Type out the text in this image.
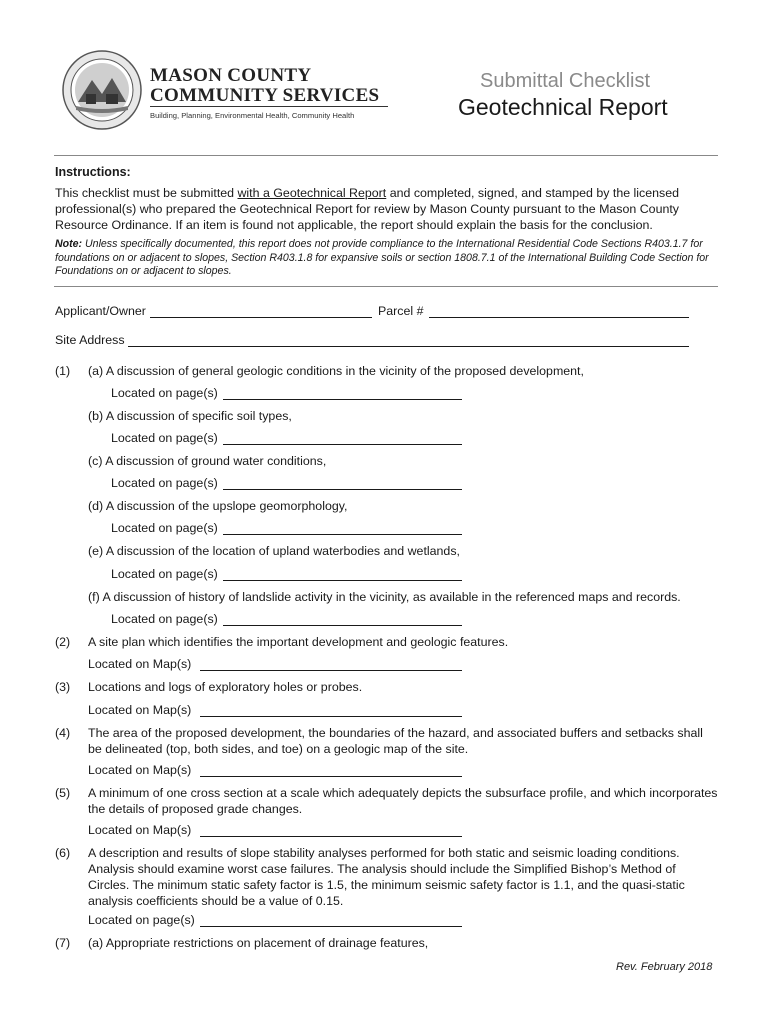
MASON COUNTY
COMMUNITY SERVICES
Building, Planning, Environmental Health, Community Health
Submittal Checklist
Geotechnical Report
Instructions:
This checklist must be submitted with a Geotechnical Report and completed, signed, and stamped by the licensed professional(s) who prepared the Geotechnical Report for review by Mason County pursuant to the Mason County Resource Ordinance. If an item is found not applicable, the report should explain the basis for the conclusion.
Note: Unless specifically documented, this report does not provide compliance to the International Residential Code Sections R403.1.7 for foundations on or adjacent to slopes, Section R403.1.8 for expansive soils or section 1808.7.1 of the International Building Code Section for Foundations on or adjacent to slopes.
Applicant/Owner	Parcel #
Site Address
(1) (a) A discussion of general geologic conditions in the vicinity of the proposed development,
Located on page(s)
(b) A discussion of specific soil types,
Located on page(s)
(c) A discussion of ground water conditions,
Located on page(s)
(d) A discussion of the upslope geomorphology,
Located on page(s)
(e) A discussion of the location of upland waterbodies and wetlands,
Located on page(s)
(f) A discussion of history of landslide activity in the vicinity, as available in the referenced maps and records.
Located on page(s)
(2) A site plan which identifies the important development and geologic features.
Located on Map(s)
(3) Locations and logs of exploratory holes or probes.
Located on Map(s)
(4) The area of the proposed development, the boundaries of the hazard, and associated buffers and setbacks shall be delineated (top, both sides, and toe) on a geologic map of the site.
Located on Map(s)
(5) A minimum of one cross section at a scale which adequately depicts the subsurface profile, and which incorporates the details of proposed grade changes.
Located on Map(s)
(6) A description and results of slope stability analyses performed for both static and seismic loading conditions. Analysis should examine worst case failures. The analysis should include the Simplified Bishop’s Method of Circles. The minimum static safety factor is 1.5, the minimum seismic safety factor is 1.1, and the quasi-static analysis coefficients should be a value of 0.15.
Located on page(s)
(7) (a) Appropriate restrictions on placement of drainage features,
Rev. February 2018
